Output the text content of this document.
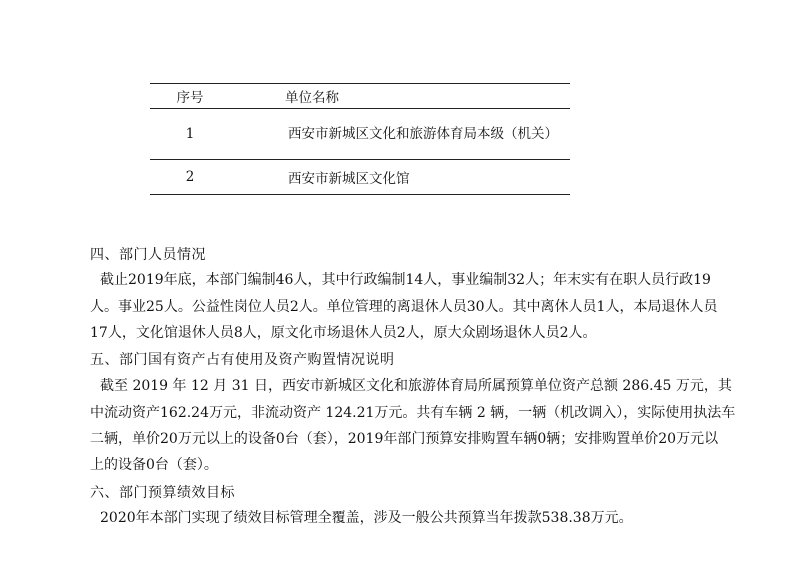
序号	单位名称
1	西安市新城区文化和旅游体育局本级（机关）
2	西安市新城区文化馆
四、部门人员情况
截止2019年底，本部门编制46人，其中行政编制14人，事业编制32人；年末实有在职人员行政19
人。事业25人。公益性岗位人员2人。单位管理的离退休人员30人。其中离休人员1人，本局退休人员
17人，文化馆退休人员8人，原文化市场退休人员2人，原大众剧场退休人员2人。
五、部门国有资产占有使用及资产购置情况说明
截至 2019 年 12 月 31 日，西安市新城区文化和旅游体育局所属预算单位资产总额 286.45 万元，其
中流动资产162.24万元，非流动资产 124.21万元。共有车辆 2 辆，一辆（机改调入），实际使用执法车
二辆，单价20万元以上的设备0台（套），2019年部门预算安排购置车辆0辆；安排购置单价20万元以
上的设备0台（套）。
六、部门预算绩效目标
2020年本部门实现了绩效目标管理全覆盖，涉及一般公共预算当年拨款538.38万元。
